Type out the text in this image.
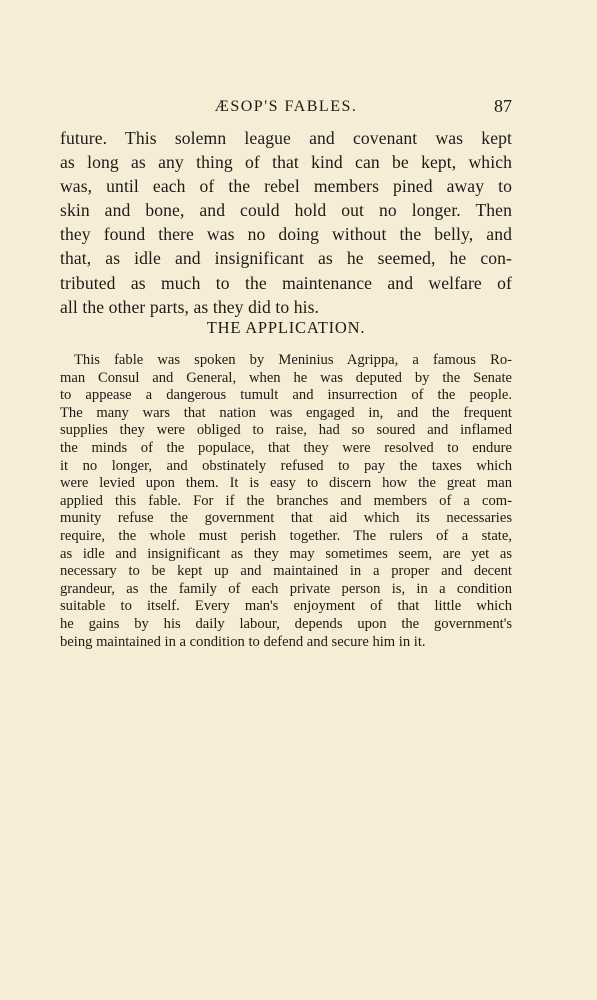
ÆSOP'S FABLES.	87
future. This solemn league and covenant was kept
as long as any thing of that kind can be kept, which
was, until each of the rebel members pined away to
skin and bone, and could hold out no longer. Then
they found there was no doing without the belly, and
that, as idle and insignificant as he seemed, he con-
tributed as much to the maintenance and welfare of
all the other parts, as they did to his.
THE APPLICATION.
This fable was spoken by Meninius Agrippa, a famous Ro-
man Consul and General, when he was deputed by the Senate
to appease a dangerous tumult and insurrection of the people.
The many wars that nation was engaged in, and the frequent
supplies they were obliged to raise, had so soured and inflamed
the minds of the populace, that they were resolved to endure
it no longer, and obstinately refused to pay the taxes which
were levied upon them. It is easy to discern how the great man
applied this fable. For if the branches and members of a com-
munity refuse the government that aid which its necessaries
require, the whole must perish together. The rulers of a state,
as idle and insignificant as they may sometimes seem, are yet as
necessary to be kept up and maintained in a proper and decent
grandeur, as the family of each private person is, in a condition
suitable to itself. Every man's enjoyment of that little which
he gains by his daily labour, depends upon the government's
being maintained in a condition to defend and secure him in it.
